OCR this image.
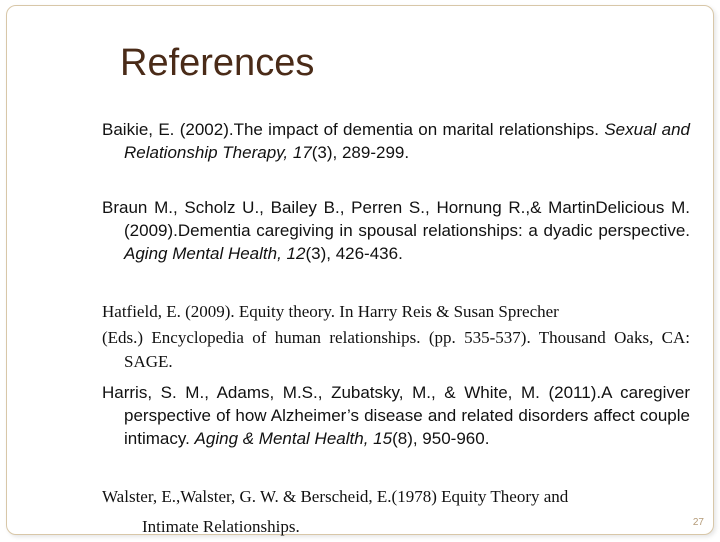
References

Baikie, E. (2002).The impact of dementia on marital relationships. Sexual and Relationship Therapy, 17(3), 289-299.

Braun M., Scholz U., Bailey B., Perren S., Hornung R.,& MartinDelicious M.(2009).Dementia caregiving in spousal relationships: a dyadic perspective. Aging Mental Health, 12(3), 426-436.

Hatfield, E. (2009). Equity theory. In Harry Reis & Susan Sprecher

(Eds.) Encyclopedia of human relationships. (pp. 535-537). Thousand Oaks, CA: SAGE.

Harris, S. M., Adams, M.S., Zubatsky, M., & White, M. (2011).A caregiver perspective of how Alzheimer’s disease and related disorders affect couple intimacy. Aging & Mental Health, 15(8), 950-960.

Walster, E.,Walster, G. W. & Berscheid, E.(1978) Equity Theory and

Intimate Relationships.	27
